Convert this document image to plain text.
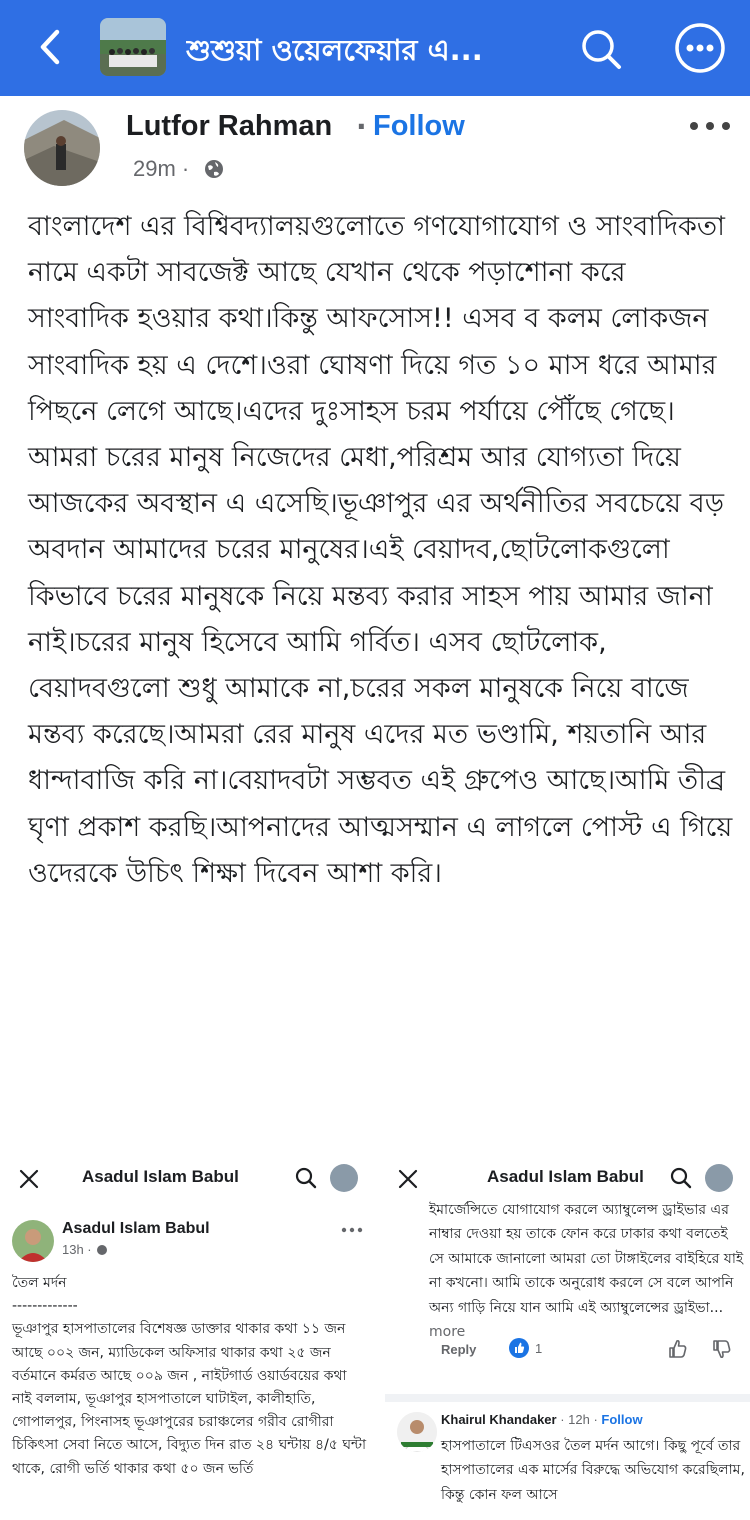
শুশুয়া ওয়েলফেয়ার এ...
Lutfor Rahman · Follow
29m ·
বাংলাদেশ এর বিশ্বিবদ্যালয়গুলোতে গণযোগাযোগ ও সাংবাদিকতা নামে একটা সাবজেক্ট আছে যেখান থেকে পড়াশোনা করে সাংবাদিক হওয়ার কথা।কিন্তু আফসোস!! এসব ব কলম লোকজন সাংবাদিক হয় এ দেশে।ওরা ঘোষণা দিয়ে গত ১০ মাস ধরে আমার পিছনে লেগে আছে।এদের দুঃসাহস চরম পর্যায়ে পৌঁছে গেছে।আমরা চরের মানুষ নিজেদের মেধা,পরিশ্রম আর যোগ্যতা দিয়ে আজকের অবস্থান এ এসেছি।ভূঞাপুর এর অর্থনীতির সবচেয়ে বড় অবদান আমাদের চরের মানুষের।এই বেয়াদব,ছোটলোকগুলো কিভাবে চরের মানুষকে নিয়ে মন্তব্য করার সাহস পায় আমার জানা নাই।চরের মানুষ হিসেবে আমি গর্বিত। এসব ছোটলোক, বেয়াদবগুলো শুধু আমাকে না,চরের সকল মানুষকে নিয়ে বাজে মন্তব্য করেছে।আমরা রের মানুষ এদের মত ভণ্ডামি, শয়তানি আর ধান্দাবাজি করি না।বেয়াদবটা সম্ভবত এই গ্রুপেও আছে।আমি তীব্র ঘৃণা প্রকাশ করছি।আপনাদের আত্মসম্মান এ লাগলে পোস্ট এ গিয়ে ওদেরকে উচিৎ শিক্ষা দিবেন আশা করি।
Asadul Islam Babul
Asadul Islam Babul
13h ·
তৈল মর্দন
-------------
ভূঞাপুর হাসপাতালের বিশেষজ্ঞ ডাক্তার থাকার কথা ১১ জন আছে ০০২ জন, ম্যাডিকেল অফিসার থাকার কথা ২৫ জন বর্তমানে কর্মরত আছে ০০৯ জন , নাইটগার্ড ওয়ার্ডবয়ের কথা নাই বললাম, ভূঞাপুর হাসপাতালে ঘাটাইল, কালীহাতি, গোপালপুর, পিংনাসহ ভূঞাপুরের চরাঞ্চলের গরীব রোগীরা চিকিৎসা সেবা নিতে আসে, বিদ্যুত দিন রাত ২৪ ঘন্টায় ৪/৫ ঘন্টা থাকে, রোগী ভর্তি থাকার কথা ৫০ জন ভর্তি
Asadul Islam Babul
ইমার্জেন্সিতে যোগাযোগ করলে অ্যাম্বুলেন্স ড্রাইভার এর নাম্বার দেওয়া হয় তাকে ফোন করে ঢাকার কথা বলতেই সে আমাকে জানালো আমরা তো টাঙ্গাইলের বাইহিরে যাই না কখনো। আমি তাকে অনুরোধ করলে সে বলে আপনি অন্য গাড়ি নিয়ে যান আমি এই অ্যাম্বুলেন্সের ড্রাইভা... more
Reply	1
Khairul Khandaker · 12h · Follow
হাসপাতালে টিএসওর তৈল মর্দন আগে। কিছু পূর্বে তার হাসপাতালের এক মার্সের বিরুদ্ধে অভিযোগ করেছিলাম, কিন্তু কোন ফল আসে
